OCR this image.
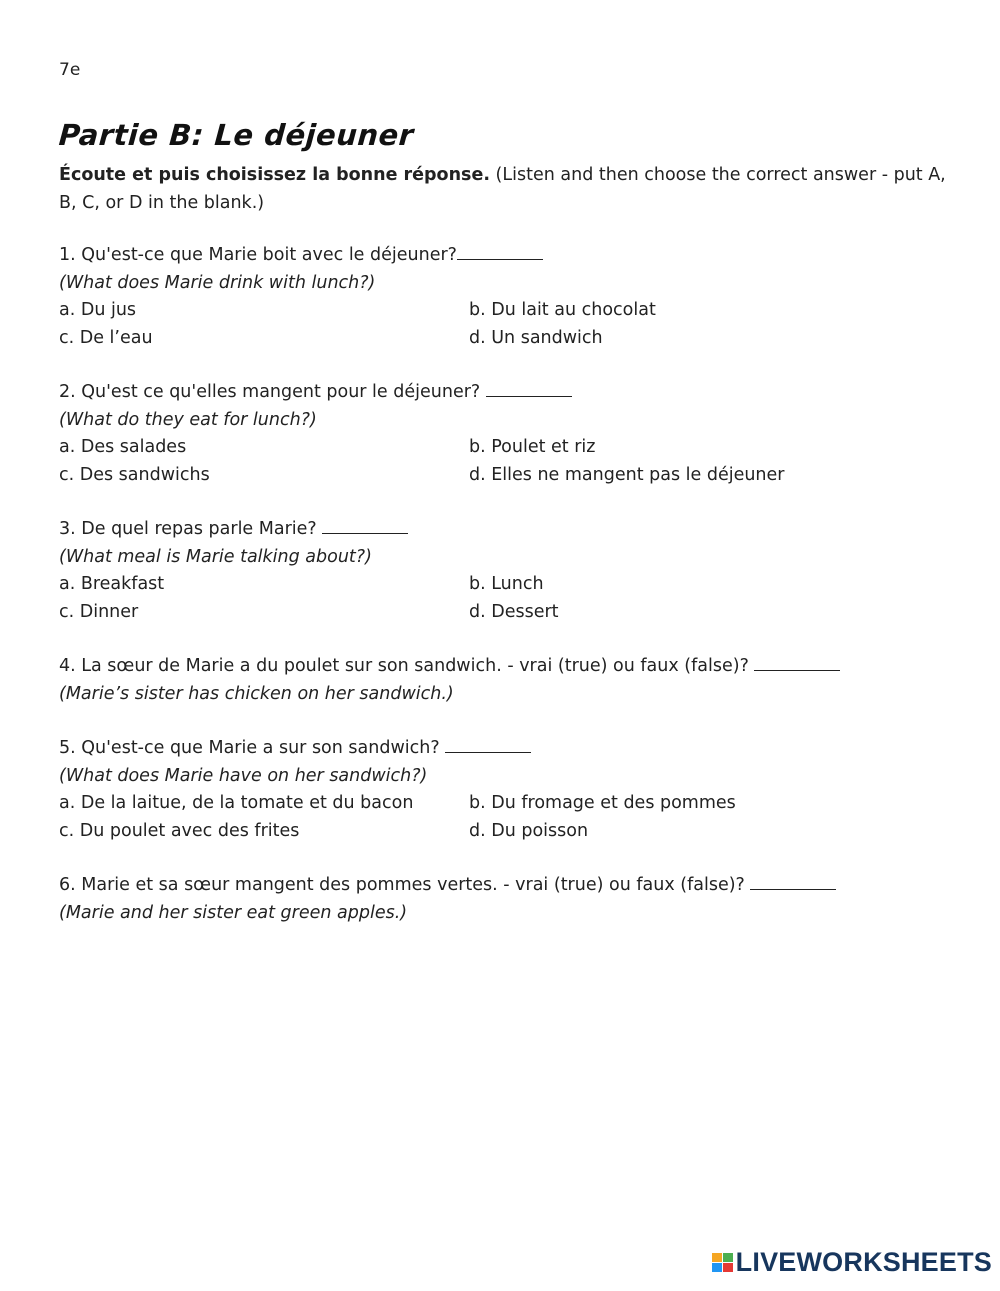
7e
Partie B: Le déjeuner
Écoute et puis choisissez la bonne réponse. (Listen and then choose the correct answer - put A, B, C, or D in the blank.)
1. Qu'est-ce que Marie boit avec le déjeuner?
(What does Marie drink with lunch?)
a. Du jus	b. Du lait au chocolat
c. De l’eau	d. Un sandwich
2. Qu'est ce qu'elles mangent pour le déjeuner?
(What do they eat for lunch?)
a. Des salades	b. Poulet et riz
c. Des sandwichs	d. Elles ne mangent pas le déjeuner
3. De quel repas parle Marie?
(What meal is Marie talking about?)
a. Breakfast	b. Lunch
c. Dinner	d. Dessert
4. La sœur de Marie a du poulet sur son sandwich. - vrai (true) ou faux (false)?
(Marie’s sister has chicken on her sandwich.)
5. Qu'est-ce que Marie a sur son sandwich?
(What does Marie have on her sandwich?)
a. De la laitue, de la tomate et du bacon	b. Du fromage et des pommes
c. Du poulet avec des frites	d. Du poisson
6. Marie et sa sœur mangent des pommes vertes. - vrai (true) ou faux (false)?
(Marie and her sister eat green apples.)
LIVEWORKSHEETS
